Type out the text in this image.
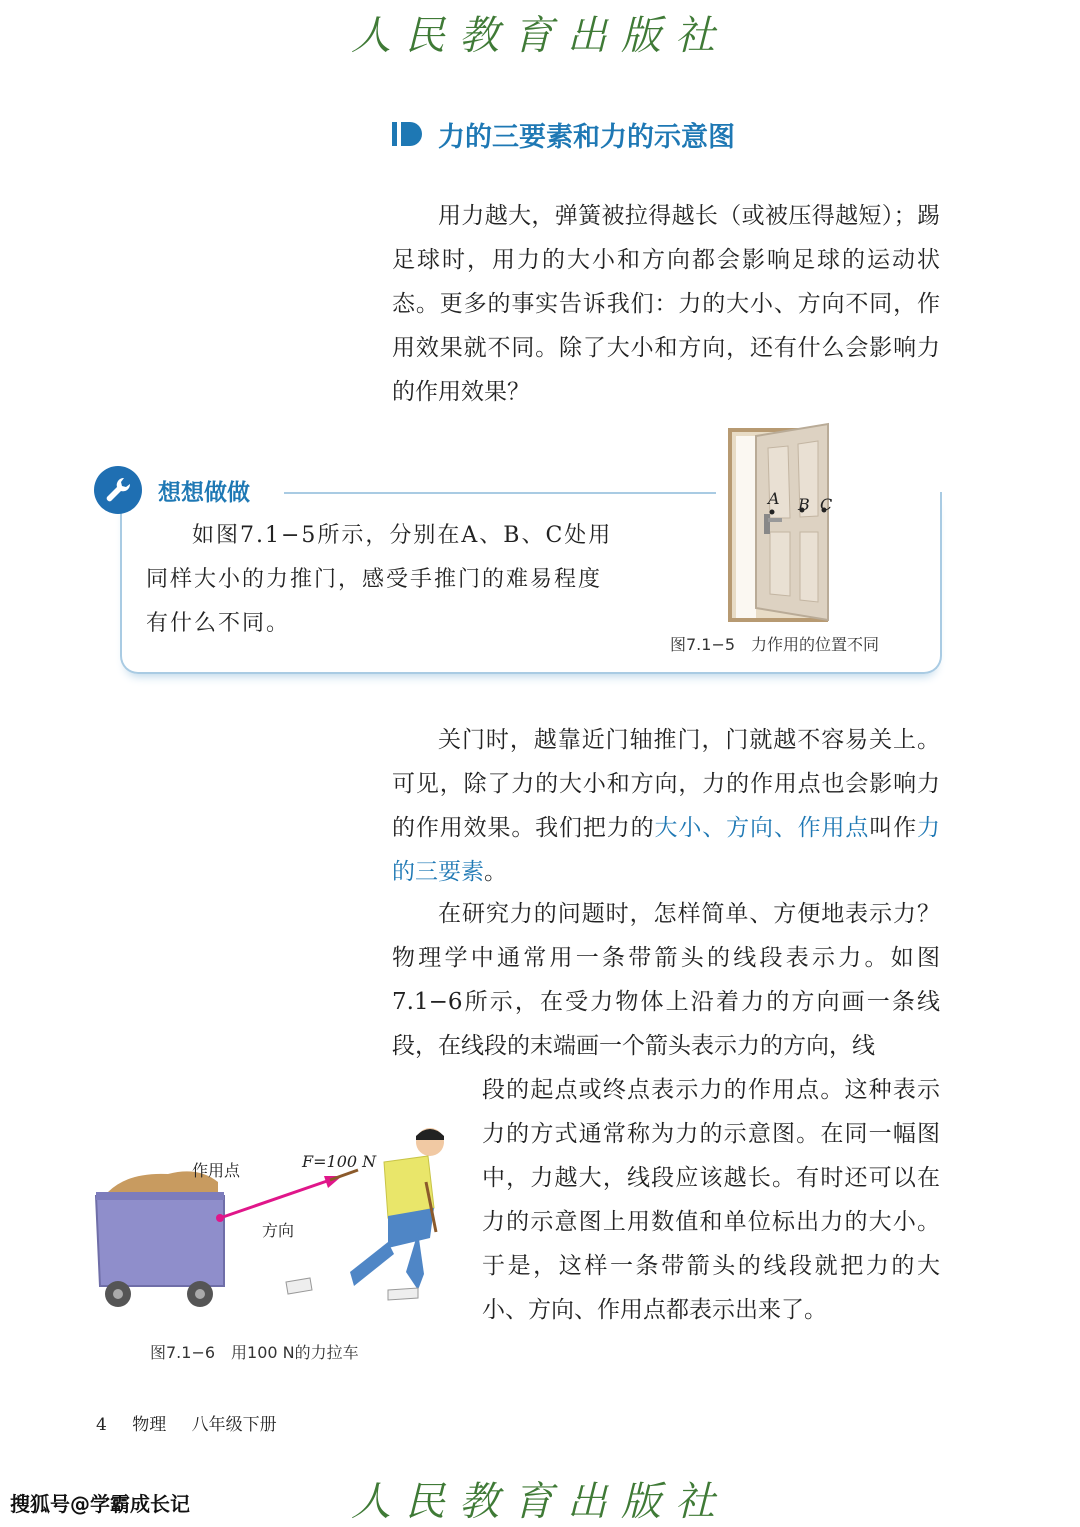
人民教育出版社
力的三要素和力的示意图
用力越大，弹簧被拉得越长（或被压得越短）；踢足球时，用力的大小和方向都会影响足球的运动状态。更多的事实告诉我们：力的大小、方向不同，作用效果就不同。除了大小和方向，还有什么会影响力的作用效果？
想想做做
如图7.1−5所示，分别在A、B、C处用同样大小的力推门，感受手推门的难易程度有什么不同。
A B C
图7.1−5　力作用的位置不同
关门时，越靠近门轴推门，门就越不容易关上。可见，除了力的大小和方向，力的作用点也会影响力的作用效果。我们把力的大小、方向、作用点叫作力的三要素。
在研究力的问题时，怎样简单、方便地表示力？物理学中通常用一条带箭头的线段表示力。如图7.1−6所示，在受力物体上沿着力的方向画一条线段，在线段的末端画一个箭头表示力的方向，线
段的起点或终点表示力的作用点。这种表示力的方式通常称为力的示意图。在同一幅图中，力越大，线段应该越长。有时还可以在力的示意图上用数值和单位标出力的大小。于是，这样一条带箭头的线段就把力的大小、方向、作用点都表示出来了。
作用点	F=100 N
方向
图7.1−6　用100 N的力拉车
4 物理 八年级下册
人民教育出版社
搜狐号@学霸成长记
